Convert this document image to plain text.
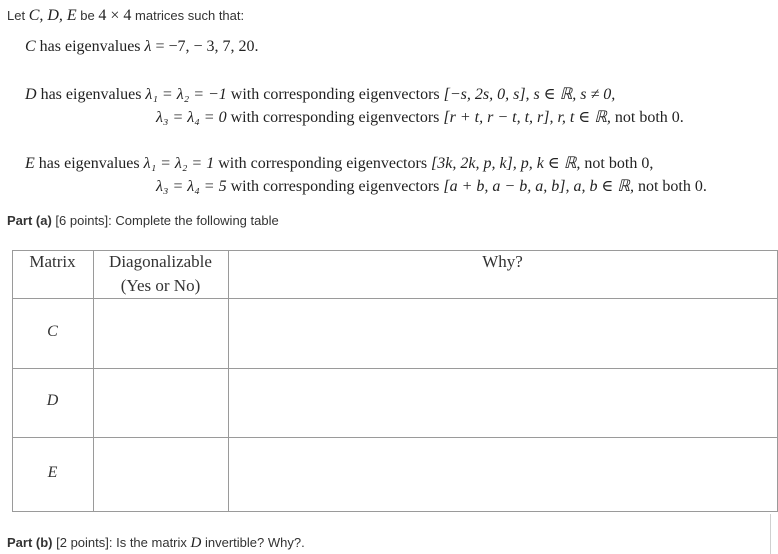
Let C, D, E be 4 × 4 matrices such that:
C has eigenvalues λ = −7, − 3, 7, 20.
D has eigenvalues λ₁ = λ₂ = −1 with corresponding eigenvectors [−s, 2s, 0, s], s ∈ ℝ, s ≠ 0,
λ₃ = λ₄ = 0 with corresponding eigenvectors [r + t, r − t, t, r], r, t ∈ ℝ, not both 0.
E has eigenvalues λ₁ = λ₂ = 1 with corresponding eigenvectors [3k, 2k, p, k], p, k ∈ ℝ, not both 0,
λ₃ = λ₄ = 5 with corresponding eigenvectors [a + b, a − b, a, b], a, b ∈ ℝ, not both 0.
Part (a) [6 points]: Complete the following table
Matrix	Diagonalizable
(Yes or No)
Why?
C
D
E
Part (b) [2 points]: Is the matrix D invertible? Why?.
